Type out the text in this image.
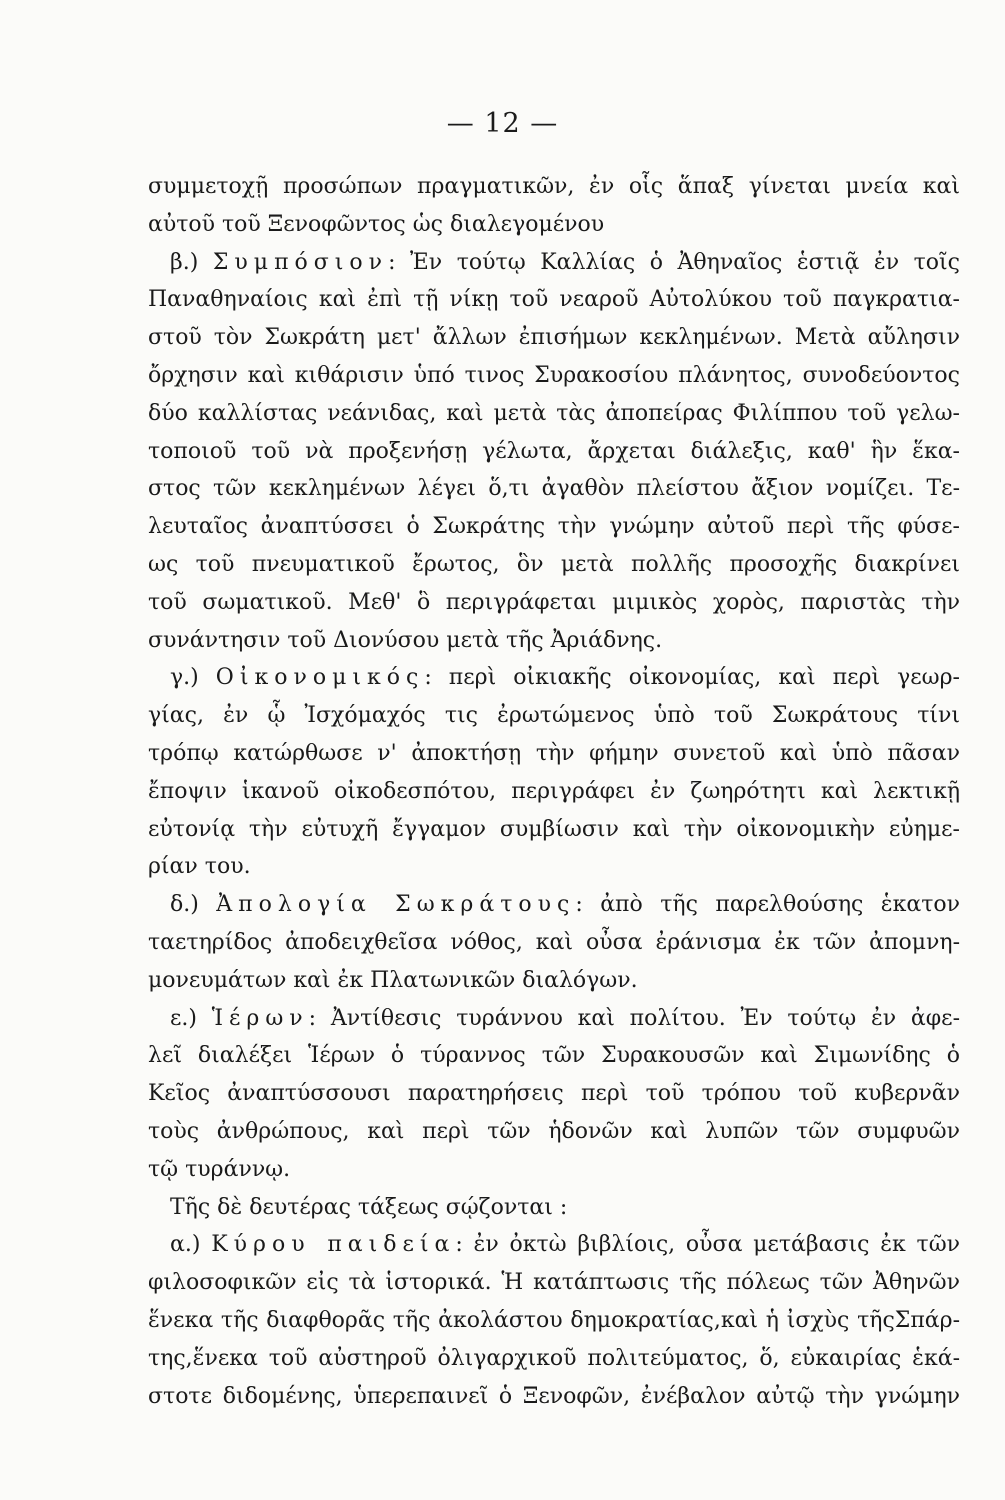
— 12 —
συμμετοχῇ προσώπων πραγματικῶν, ἐν οἷς ἅπαξ γίνεται μνεία καὶ
αὐτοῦ τοῦ Ξενοφῶντος ὡς διαλεγομένου
β.) Συμπόσιον: Ἐν τούτῳ Καλλίας ὁ Ἀθηναῖος ἑστιᾷ ἐν τοῖς
Παναθηναίοις καὶ ἐπὶ τῇ νίκῃ τοῦ νεαροῦ Αὐτολύκου τοῦ παγκρατια-
στοῦ τὸν Σωκράτη μετ' ἄλλων ἐπισήμων κεκλημένων. Μετὰ αὔλησιν
ὄρχησιν καὶ κιθάρισιν ὑπό τινος Συρακοσίου πλάνητος, συνοδεύοντος
δύο καλλίστας νεάνιδας, καὶ μετὰ τὰς ἀποπείρας Φιλίππου τοῦ γελω-
τοποιοῦ τοῦ νὰ προξενήσῃ γέλωτα, ἄρχεται διάλεξις, καθ' ἣν ἕκα-
στος τῶν κεκλημένων λέγει ὅ,τι ἀγαθὸν πλείστου ἄξιον νομίζει. Τε-
λευταῖος ἀναπτύσσει ὁ Σωκράτης τὴν γνώμην αὐτοῦ περὶ τῆς φύσε-
ως τοῦ πνευματικοῦ ἔρωτος, ὃν μετὰ πολλῆς προσοχῆς διακρίνει
τοῦ σωματικοῦ. Μεθ' ὃ περιγράφεται μιμικὸς χορὸς, παριστὰς τὴν
συνάντησιν τοῦ Διονύσου μετὰ τῆς Ἀριάδνης.
γ.) Οἰκονομικός: περὶ οἰκιακῆς οἰκονομίας, καὶ περὶ γεωρ-
γίας, ἐν ᾧ Ἰσχόμαχός τις ἐρωτώμενος ὑπὸ τοῦ Σωκράτους τίνι
τρόπῳ κατώρθωσε ν' ἀποκτήσῃ τὴν φήμην συνετοῦ καὶ ὑπὸ πᾶσαν
ἔποψιν ἱκανοῦ οἰκοδεσπότου, περιγράφει ἐν ζωηρότητι καὶ λεκτικῇ
εὐτονίᾳ τὴν εὐτυχῆ ἔγγαμον συμβίωσιν καὶ τὴν οἰκονομικὴν εὐημε-
ρίαν του.
δ.) Ἀπολογία Σωκράτους: ἀπὸ τῆς παρελθούσης ἑκατον
ταετηρίδος ἀποδειχθεῖσα νόθος, καὶ οὖσα ἐράνισμα ἐκ τῶν ἀπομνη-
μονευμάτων καὶ ἐκ Πλατωνικῶν διαλόγων.
ε.) Ἱέρων: Ἀντίθεσις τυράννου καὶ πολίτου. Ἐν τούτῳ ἐν ἀφε-
λεῖ διαλέξει Ἱέρων ὁ τύραννος τῶν Συρακουσῶν καὶ Σιμωνίδης ὁ
Κεῖος ἀναπτύσσουσι παρατηρήσεις περὶ τοῦ τρόπου τοῦ κυβερνᾶν
τοὺς ἀνθρώπους, καὶ περὶ τῶν ἡδονῶν καὶ λυπῶν τῶν συμφυῶν
τῷ τυράννῳ.
Τῆς δὲ δευτέρας τάξεως σῴζονται :
α.) Κύρου παιδεία: ἐν ὀκτὼ βιβλίοις, οὖσα μετάβασις ἐκ τῶν
φιλοσοφικῶν εἰς τὰ ἱστορικά. Ἡ κατάπτωσις τῆς πόλεως τῶν Ἀθηνῶν
ἕνεκα τῆς διαφθορᾶς τῆς ἀκολάστου δημοκρατίας,καὶ ἡ ἰσχὺς τῆςΣπάρ-
της,ἕνεκα τοῦ αὐστηροῦ ὀλιγαρχικοῦ πολιτεύματος, ὅ, εὐκαιρίας ἑκά-
στοτε διδομένης, ὑπερεπαινεῖ ὁ Ξενοφῶν, ἐνέβαλον αὐτῷ τὴν γνώμην
